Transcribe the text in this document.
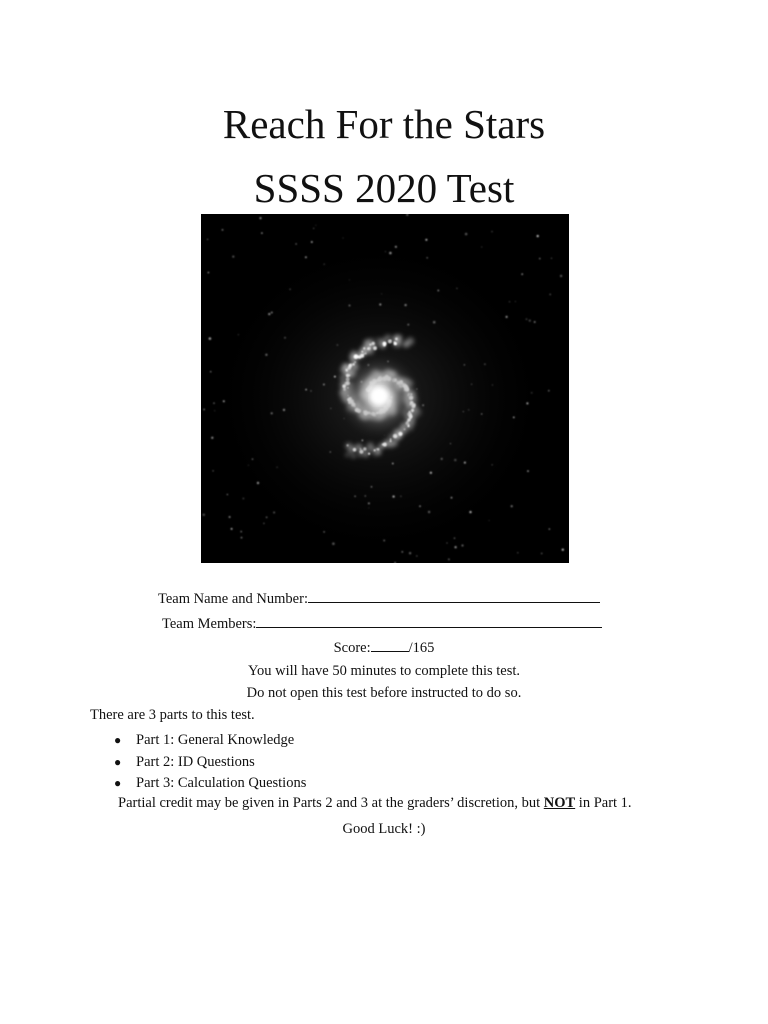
Reach For the Stars
SSSS 2020 Test
Team Name and Number:
Team Members:
Score:	/165
You will have 50 minutes to complete this test.
Do not open this test before instructed to do so.
There are 3 parts to this test.
● Part 1: General Knowledge
● Part 2: ID Questions
● Part 3: Calculation Questions
Partial credit may be given in Parts 2 and 3 at the graders’ discretion, but NOT in Part 1.
Good Luck! :)
